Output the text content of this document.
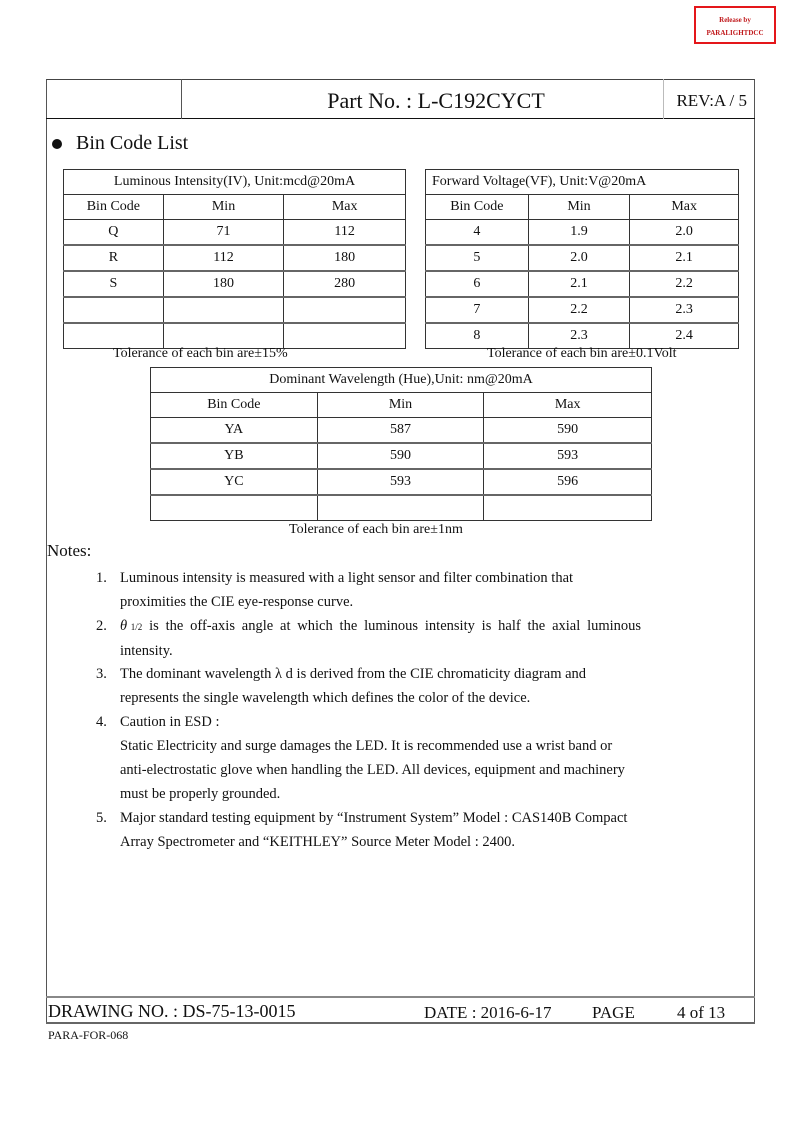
Release by
PARALIGHTDCC
Part No. : L-C192CYCT	REV:A / 5
Bin Code List
Luminous Intensity(IV), Unit:mcd@20mA		
Bin Code	Min	Max
Q	71	112
R	112	180
S	180	280

Tolerance of each bin are±15%
Forward Voltage(VF), Unit:V@20mA		
Bin Code	Min	Max
4	1.9	2.0
5	2.0	2.1
6	2.1	2.2
7	2.2	2.3
8	2.3	2.4
Tolerance of each bin are±0.1Volt
Dominant Wavelength (Hue),Unit: nm@20mA		
Bin Code	Min	Max
YA	587	590
YB	590	593
YC	593	596

Tolerance of each bin are±1nm
Notes:
1. Luminous intensity is measured with a light sensor and filter combination that
proximities the CIE eye-response curve.
2. θ 1/2 is the off-axis angle at which the luminous intensity is half the axial luminous
intensity.
3. The dominant wavelength λ d is derived from the CIE chromaticity diagram and
represents the single wavelength which defines the color of the device.
4. Caution in ESD :
Static Electricity and surge damages the LED. It is recommended use a wrist band or
anti-electrostatic glove when handling the LED. All devices, equipment and machinery
must be properly grounded.
5. Major standard testing equipment by “Instrument System” Model : CAS140B Compact
Array Spectrometer and “KEITHLEY” Source Meter Model : 2400.
DRAWING NO. : DS-75-13-0015	DATE : 2016-6-17 PAGE 4 of 13
PARA-FOR-068
